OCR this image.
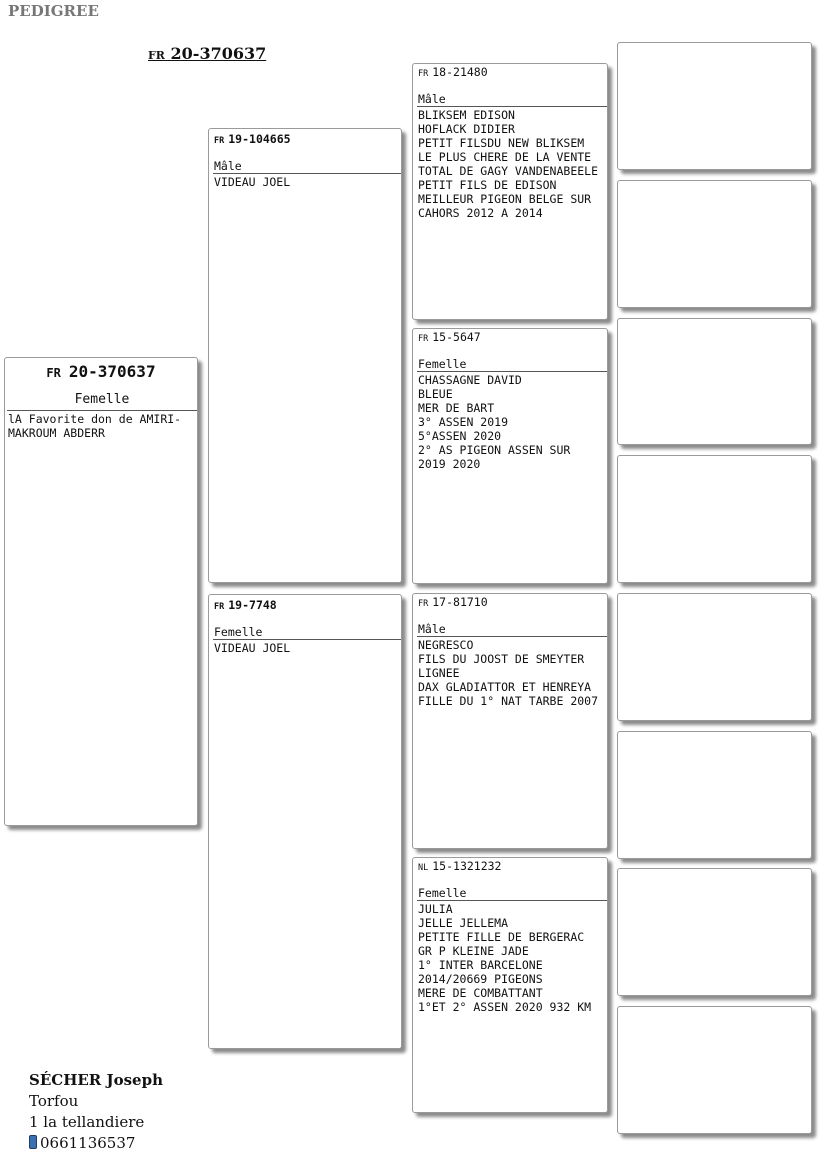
PEDIGREE
FR 20-370637
FR 20-370637
Femelle
lA Favorite don de AMIRI-
MAKROUM ABDERR
FR 19-104665
Mâle
VIDEAU JOEL
FR 19-7748
Femelle
VIDEAU JOEL
FR 18-21480
Mâle
BLIKSEM EDISON
HOFLACK DIDIER
PETIT FILSDU NEW BLIKSEM
LE PLUS CHERE DE LA VENTE
TOTAL DE GAGY VANDENABEELE
PETIT FILS DE EDISON
MEILLEUR PIGEON BELGE SUR
CAHORS 2012 A 2014
FR 15-5647
Femelle
CHASSAGNE DAVID
BLEUE
MER DE BART
3° ASSEN 2019
5°ASSEN 2020
2° AS PIGEON ASSEN SUR
2019 2020
FR 17-81710
Mâle
NEGRESCO
FILS DU JOOST DE SMEYTER
LIGNEE
DAX GLADIATTOR ET HENREYA
FILLE DU 1° NAT TARBE 2007
NL 15-1321232
Femelle
JULIA
JELLE JELLEMA
PETITE FILLE DE BERGERAC
GR P KLEINE JADE
1° INTER BARCELONE
2014/20669 PIGEONS
MERE DE COMBATTANT
1°ET 2° ASSEN 2020 932 KM
SÉCHER Joseph
Torfou
1 la tellandiere
0661136537
